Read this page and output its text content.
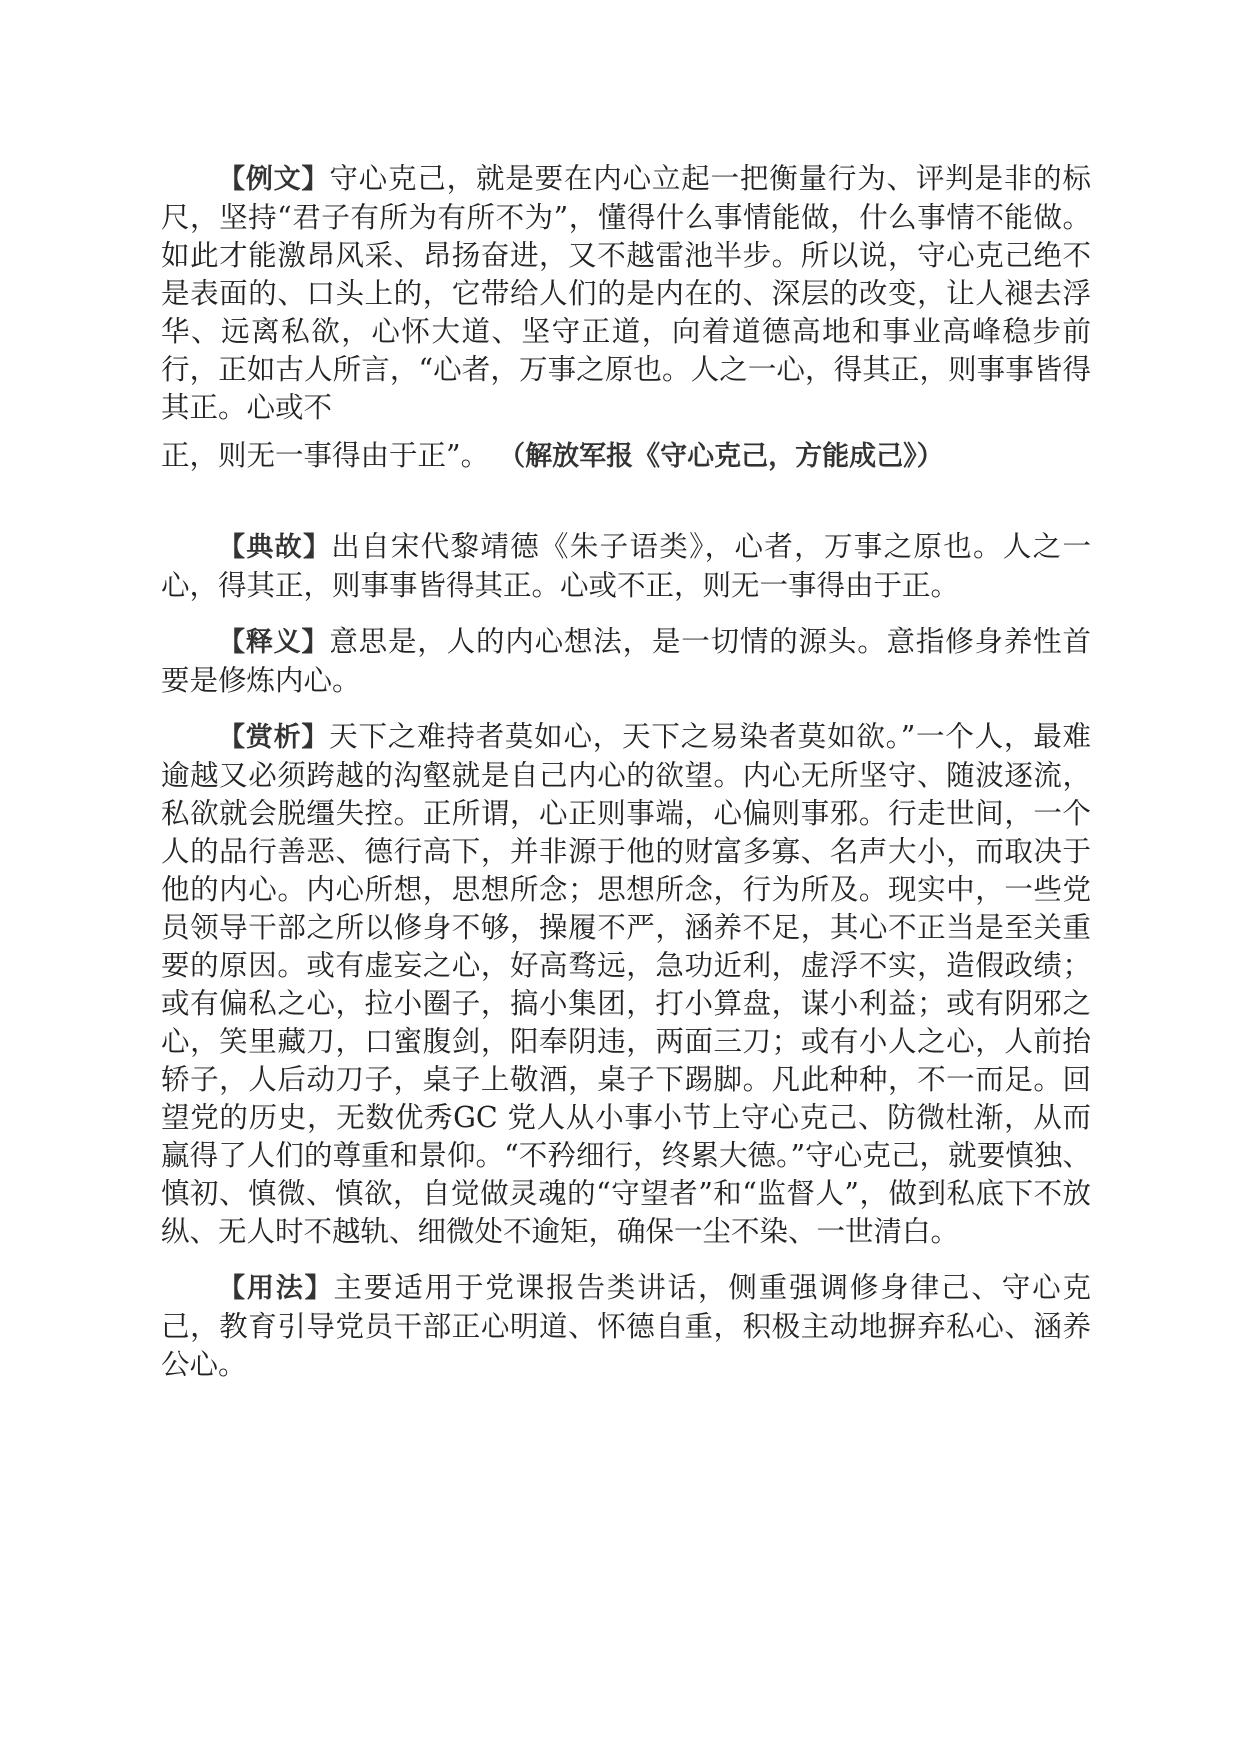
【例文】守心克己，就是要在内心立起一把衡量行为、评判是非的标尺，坚持“君子有所为有所不为”，懂得什么事情能做，什么事情不能做。如此才能激昂风采、昂扬奋进，又不越雷池半步。所以说，守心克己绝不是表面的、口头上的，它带给人们的是内在的、深层的改变，让人褪去浮华、远离私欲，心怀大道、坚守正道，向着道德高地和事业高峰稳步前行，正如古人所言，“心者，万事之原也。人之一心，得其正，则事事皆得其正。心或不
正，则无一事得由于正”。 （解放军报《守心克己，方能成己》）

【典故】出自宋代黎靖德《朱子语类》，心者，万事之原也。人之一心，得其正，则事事皆得其正。心或不正，则无一事得由于正。

【释义】意思是，人的内心想法，是一切情的源头。意指修身养性首要是修炼内心。

【赏析】天下之难持者莫如心，天下之易染者莫如欲。”一个人，最难逾越又必须跨越的沟壑就是自己内心的欲望。内心无所坚守、随波逐流，私欲就会脱缰失控。正所谓，心正则事端，心偏则事邪。行走世间，一个人的品行善恶、德行高下，并非源于他的财富多寡、名声大小，而取决于他的内心。内心所想，思想所念；思想所念，行为所及。现实中，一些党员领导干部之所以修身不够，操履不严，涵养不足，其心不正当是至关重要的原因。或有虚妄之心，好高骛远，急功近利，虚浮不实，造假政绩；或有偏私之心，拉小圈子，搞小集团，打小算盘，谋小利益；或有阴邪之心，笑里藏刀，口蜜腹剑，阳奉阴违，两面三刀；或有小人之心，人前抬轿子，人后动刀子，桌子上敬酒，桌子下踢脚。凡此种种，不一而足。回望党的历史，无数优秀GC 党人从小事小节上守心克己、防微杜渐，从而赢得了人们的尊重和景仰。“不矜细行，终累大德。”守心克己，就要慎独、慎初、慎微、慎欲，自觉做灵魂的“守望者”和“监督人”，做到私底下不放纵、无人时不越轨、细微处不逾矩，确保一尘不染、一世清白。

【用法】主要适用于党课报告类讲话，侧重强调修身律己、守心克己，教育引导党员干部正心明道、怀德自重，积极主动地摒弃私心、涵养公心。
